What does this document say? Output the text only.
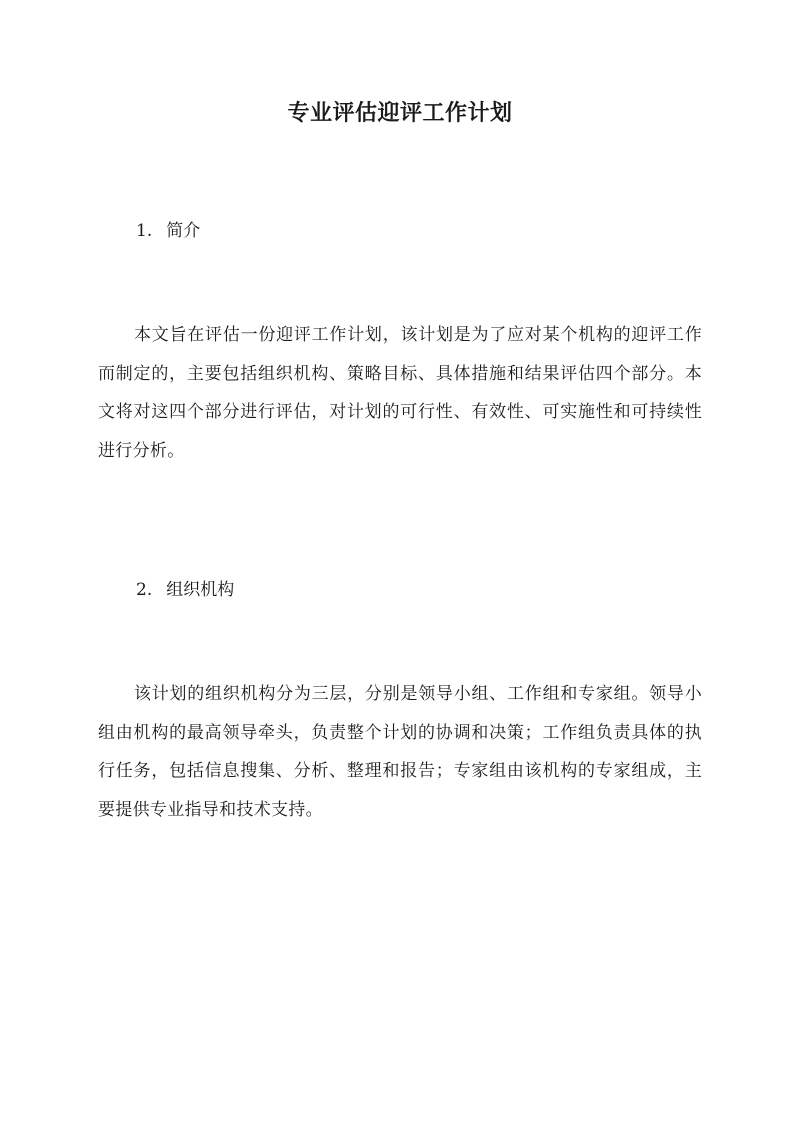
专业评估迎评工作计划
1. 简介
本文旨在评估一份迎评工作计划，该计划是为了应对某个机构的迎评工作而制定的，主要包括组织机构、策略目标、具体措施和结果评估四个部分。本文将对这四个部分进行评估，对计划的可行性、有效性、可实施性和可持续性进行分析。
2. 组织机构
该计划的组织机构分为三层，分别是领导小组、工作组和专家组。领导小组由机构的最高领导牵头，负责整个计划的协调和决策；工作组负责具体的执行任务，包括信息搜集、分析、整理和报告；专家组由该机构的专家组成，主要提供专业指导和技术支持。
